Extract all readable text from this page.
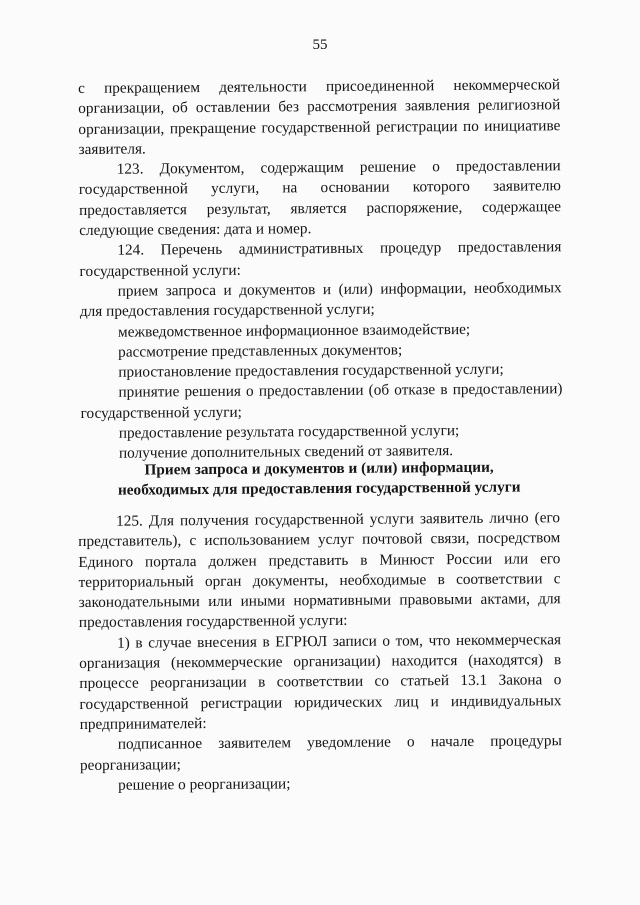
55

с прекращением деятельности присоединенной некоммерческой организации, об оставлении без рассмотрения заявления религиозной организации, прекращение государственной регистрации по инициативе заявителя.

123. Документом, содержащим решение о предоставлении государственной услуги, на основании которого заявителю предоставляется результат, является распоряжение, содержащее следующие сведения: дата и номер.

124. Перечень административных процедур предоставления государственной услуги:

прием запроса и документов и (или) информации, необходимых для предоставления государственной услуги;

межведомственное информационное взаимодействие;

рассмотрение представленных документов;

приостановление предоставления государственной услуги;

принятие решения о предоставлении (об отказе в предоставлении) государственной услуги;

предоставление результата государственной услуги;

получение дополнительных сведений от заявителя.

Прием запроса и документов и (или) информации,
необходимых для предоставления государственной услуги

125. Для получения государственной услуги заявитель лично (его представитель), с использованием услуг почтовой связи, посредством Единого портала должен представить в Минюст России или его территориальный орган документы, необходимые в соответствии с законодательными или иными нормативными правовыми актами, для предоставления государственной услуги:

1) в случае внесения в ЕГРЮЛ записи о том, что некоммерческая организация (некоммерческие организации) находится (находятся) в процессе реорганизации в соответствии со статьей 13.1 Закона о государственной регистрации юридических лиц и индивидуальных предпринимателей:

подписанное заявителем уведомление о начале процедуры реорганизации;

решение о реорганизации;
